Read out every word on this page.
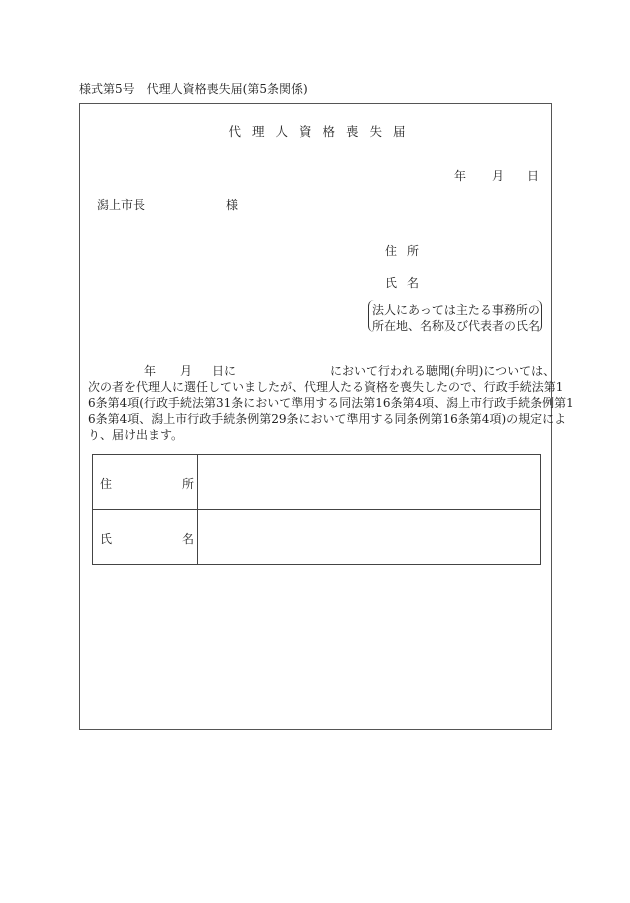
様式第5号　代理人資格喪失届(第5条関係)
代理人資格喪失届
年 月 日
潟上市長	様
住 所
氏 名
法人にあっては主たる事務所の
所在地、名称及び代表者の氏名
年 月 日に	において行われる聴聞(弁明)については、
次の者を代理人に選任していましたが、代理人たる資格を喪失したので、行政手続法第1
6条第4項(行政手続法第31条において準用する同法第16条第4項、潟上市行政手続条例第1
6条第4項、潟上市行政手続条例第29条において準用する同条例第16条第4項)の規定によ
り、届け出ます。
住 所	

氏 名	
